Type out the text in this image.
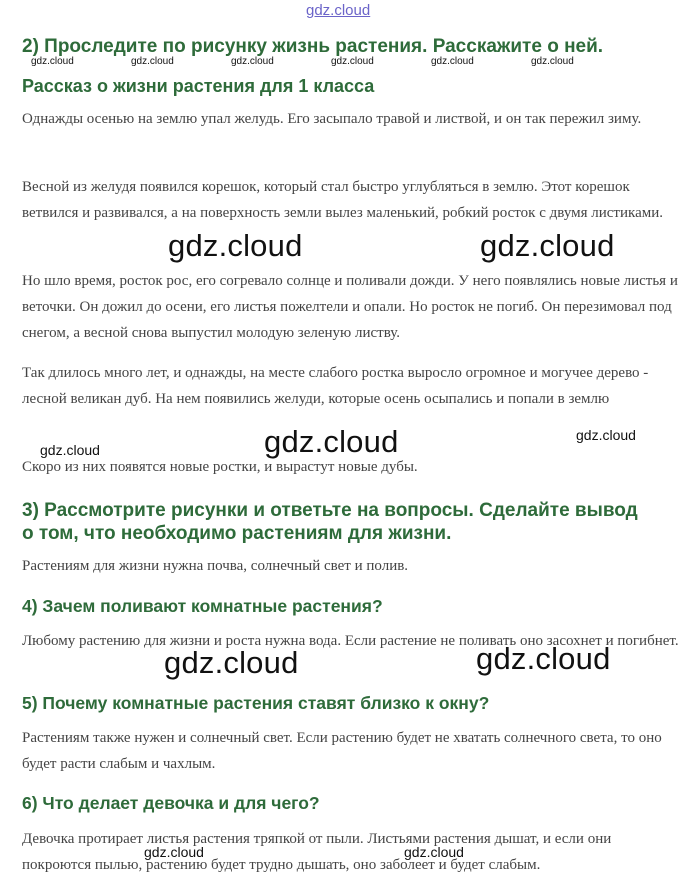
2) Проследите по рисунку жизнь растения. Расскажите о ней.
Рассказ о жизни растения для 1 класса
Однажды осенью на землю упал желудь. Его засыпало травой и листвой, и он так пережил зиму.
Весной из желудя появился корешок, который стал быстро углубляться в землю. Этот корешок ветвился и развивался, а на поверхность земли вылез маленький, робкий росток с двумя листиками.
Но шло время, росток рос, его согревало солнце и поливали дожди. У него появлялись новые листья и веточки. Он дожил до осени, его листья пожелтели и опали. Но росток не погиб. Он перезимовал под снегом, а весной снова выпустил молодую зеленую листву.
Так длилось много лет, и однажды, на месте слабого ростка выросло огромное и могучее дерево - лесной великан дуб. На нем появились желуди, которые осень осыпались и попали в землю
Скоро из них появятся новые ростки, и вырастут новые дубы.
3) Рассмотрите рисунки и ответьте на вопросы. Сделайте вывод
о том, что необходимо растениям для жизни.
Растениям для жизни нужна почва, солнечный свет и полив.
4) Зачем поливают комнатные растения?
Любому растению для жизни и роста нужна вода. Если растение не поливать оно засохнет и погибнет.
5) Почему комнатные растения ставят близко к окну?
Растениям также нужен и солнечный свет. Если растению будет не хватать солнечного света, то оно будет расти слабым и чахлым.
6) Что делает девочка и для чего?
Девочка протирает листья растения тряпкой от пыли. Листьями растения дышат, и если они покроются пылью, растению будет трудно дышать, оно заболеет и будет слабым.
gdz.cloud
gdz.cloud	gdz.cloud	gdz.cloud	gdz.cloud	gdz.cloud	gdz.cloud
gdz.cloud	gdz.cloud
gdz.cloud	gdz.cloud	gdz.cloud
gdz.cloud	gdz.cloud
gdz.cloud	gdz.cloud
